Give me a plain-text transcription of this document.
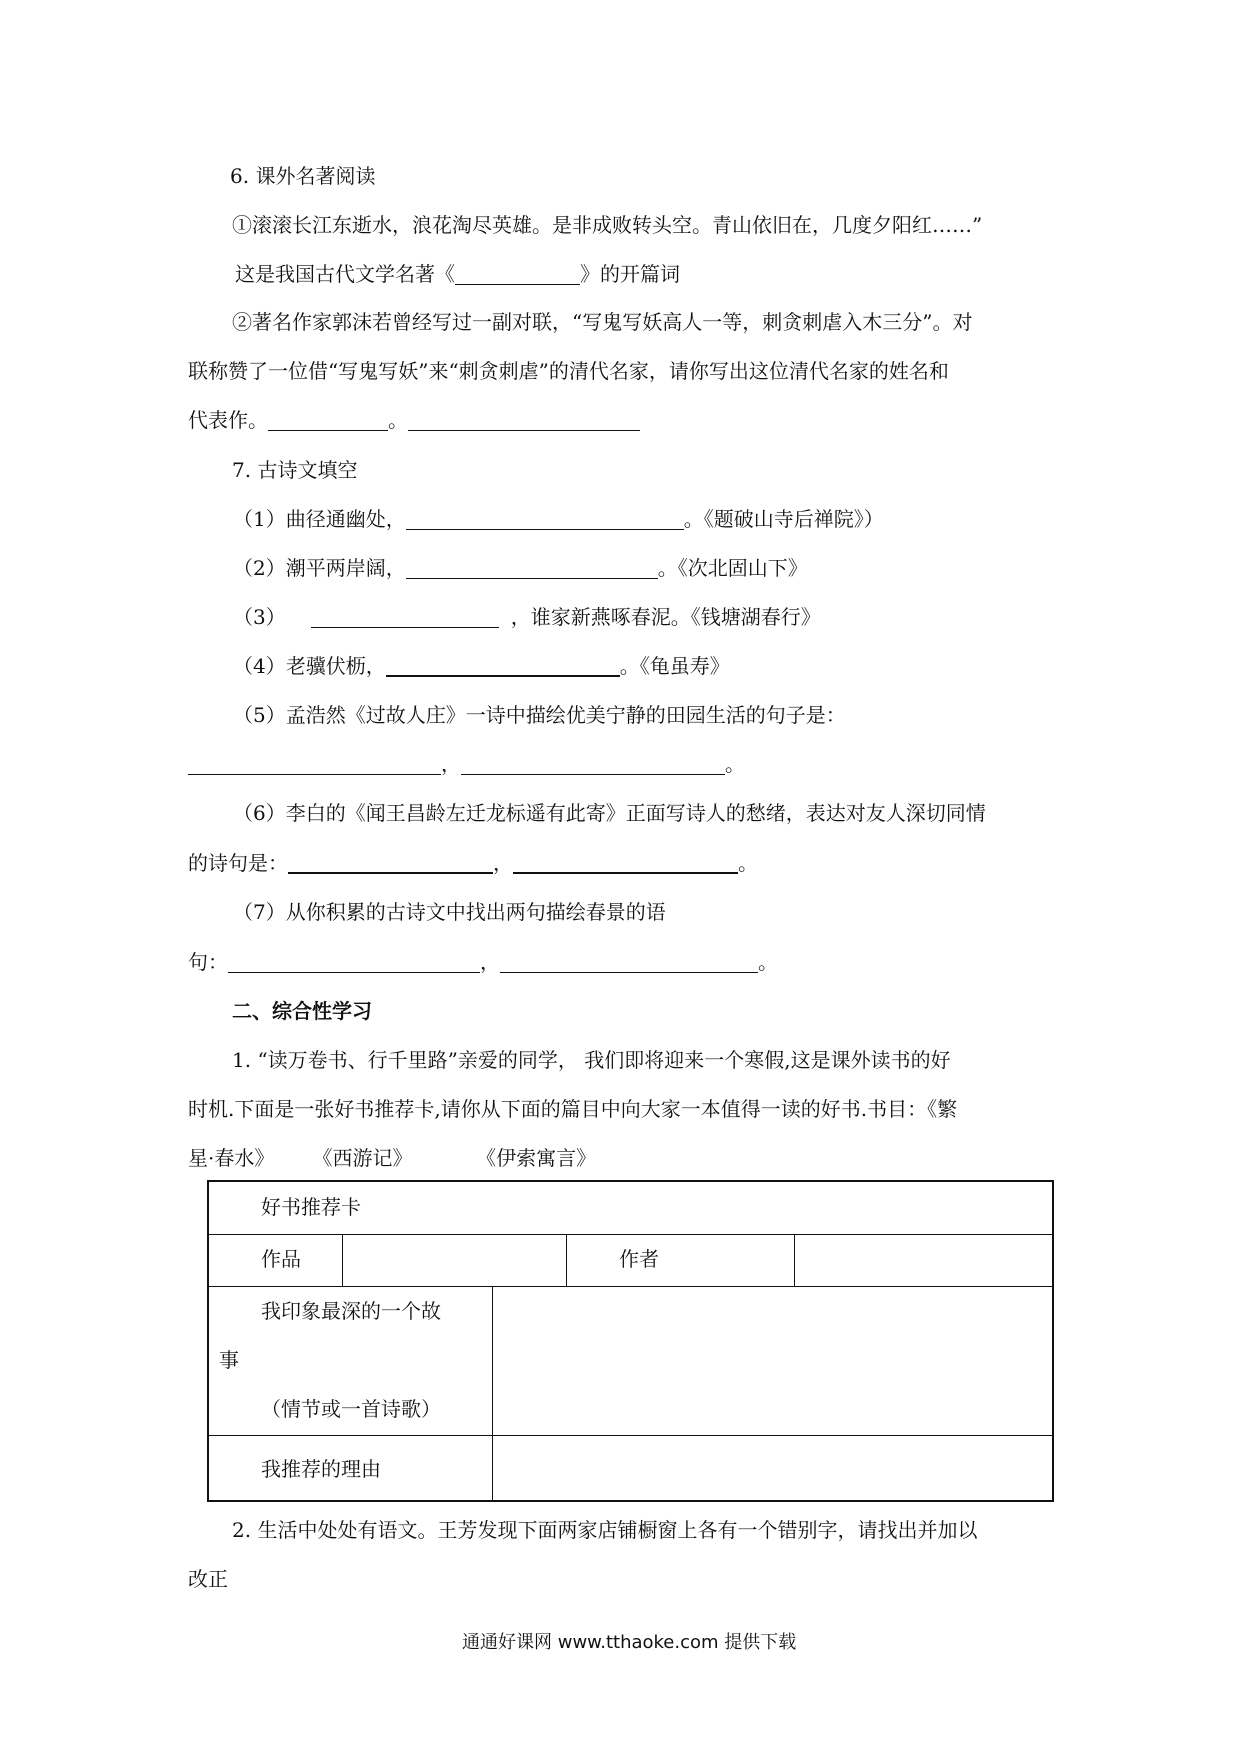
6. 课外名著阅读
①滚滚长江东逝水，浪花淘尽英雄。是非成败转头空。青山依旧在，几度夕阳红……”
这是我国古代文学名著《	》的开篇词
②著名作家郭沫若曾经写过一副对联，“写鬼写妖高人一等，刺贪刺虐入木三分”。对
联称赞了一位借“写鬼写妖”来“刺贪刺虐”的清代名家，请你写出这位清代名家的姓名和
代表作。	。
7. 古诗文填空
（1）曲径通幽处，	。《题破山寺后禅院》）
（2）潮平两岸阔，	。《次北固山下》
（3）	，谁家新燕啄春泥。《钱塘湖春行》
（4）老骥伏枥，	。《龟虽寿》
（5）孟浩然《过故人庄》一诗中描绘优美宁静的田园生活的句子是：
，	。
（6）李白的《闻王昌龄左迁龙标遥有此寄》正面写诗人的愁绪，表达对友人深切同情
的诗句是：	，	。
（7）从你积累的古诗文中找出两句描绘春景的语
句：	，	。
二、综合性学习
1. “读万卷书、行千里路”亲爱的同学， 我们即将迎来一个寒假,这是课外读书的好
时机.下面是一张好书推荐卡,请你从下面的篇目中向大家一本值得一读的好书.书目：《繁
星·春水》      《西游记》          《伊索寓言》
好书推荐卡
作品	作者
我印象最深的一个故
事
（情节或一首诗歌）
我推荐的理由
2. 生活中处处有语文。王芳发现下面两家店铺橱窗上各有一个错别字，请找出并加以
改正
通通好课网 www.tthaoke.com 提供下载
